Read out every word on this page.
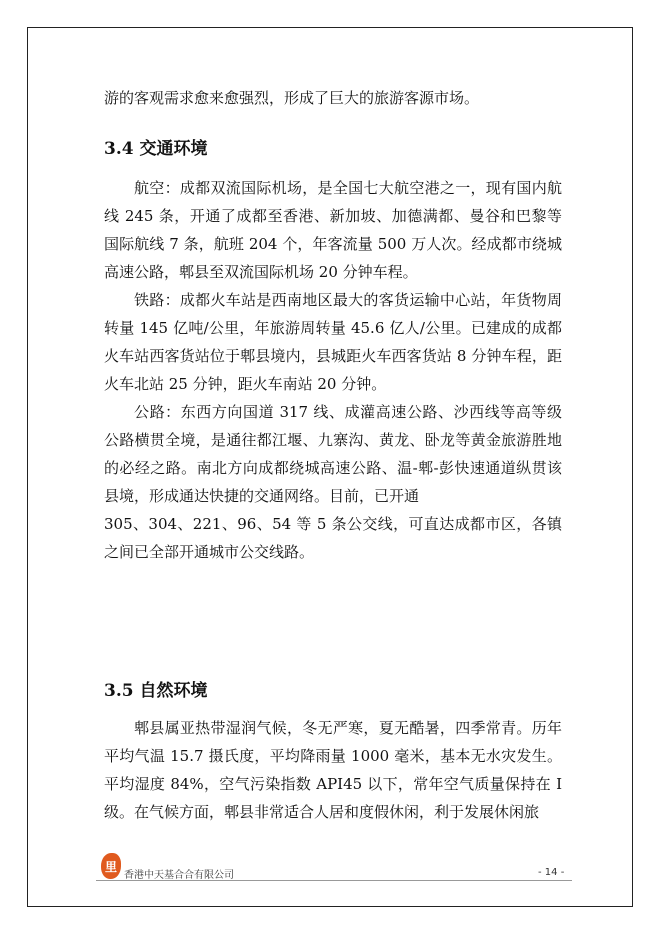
游的客观需求愈来愈强烈，形成了巨大的旅游客源市场。

3.4 交通环境

航空：成都双流国际机场，是全国七大航空港之一，现有国内航线 245 条，开通了成都至香港、新加坡、加德满都、曼谷和巴黎等国际航线 7 条，航班 204 个，年客流量 500 万人次。经成都市绕城高速公路，郫县至双流国际机场 20 分钟车程。

铁路：成都火车站是西南地区最大的客货运输中心站，年货物周转量 145 亿吨/公里，年旅游周转量 45.6 亿人/公里。已建成的成都火车站西客货站位于郫县境内，县城距火车西客货站 8 分钟车程，距火车北站 25 分钟，距火车南站 20 分钟。

公路：东西方向国道 317 线、成灌高速公路、沙西线等高等级公路横贯全境，是通往都江堰、九寨沟、黄龙、卧龙等黄金旅游胜地的必经之路。南北方向成都绕城高速公路、温-郫-彭快速通道纵贯该县境，形成通达快捷的交通网络。目前，已开通

305、304、221、96、54 等 5 条公交线，可直达成都市区，各镇之间已全部开通城市公交线路。

3.5 自然环境

郫县属亚热带湿润气候，冬无严寒，夏无酷暑，四季常青。历年平均气温 15.7 摄氏度，平均降雨量 1000 毫米，基本无水灾发生。平均湿度 84%，空气污染指数 API45 以下，常年空气质量保持在 I 级。在气候方面，郫县非常适合人居和度假休闲，利于发展休闲旅

里
香港中天基合合有限公司	- 14 -
